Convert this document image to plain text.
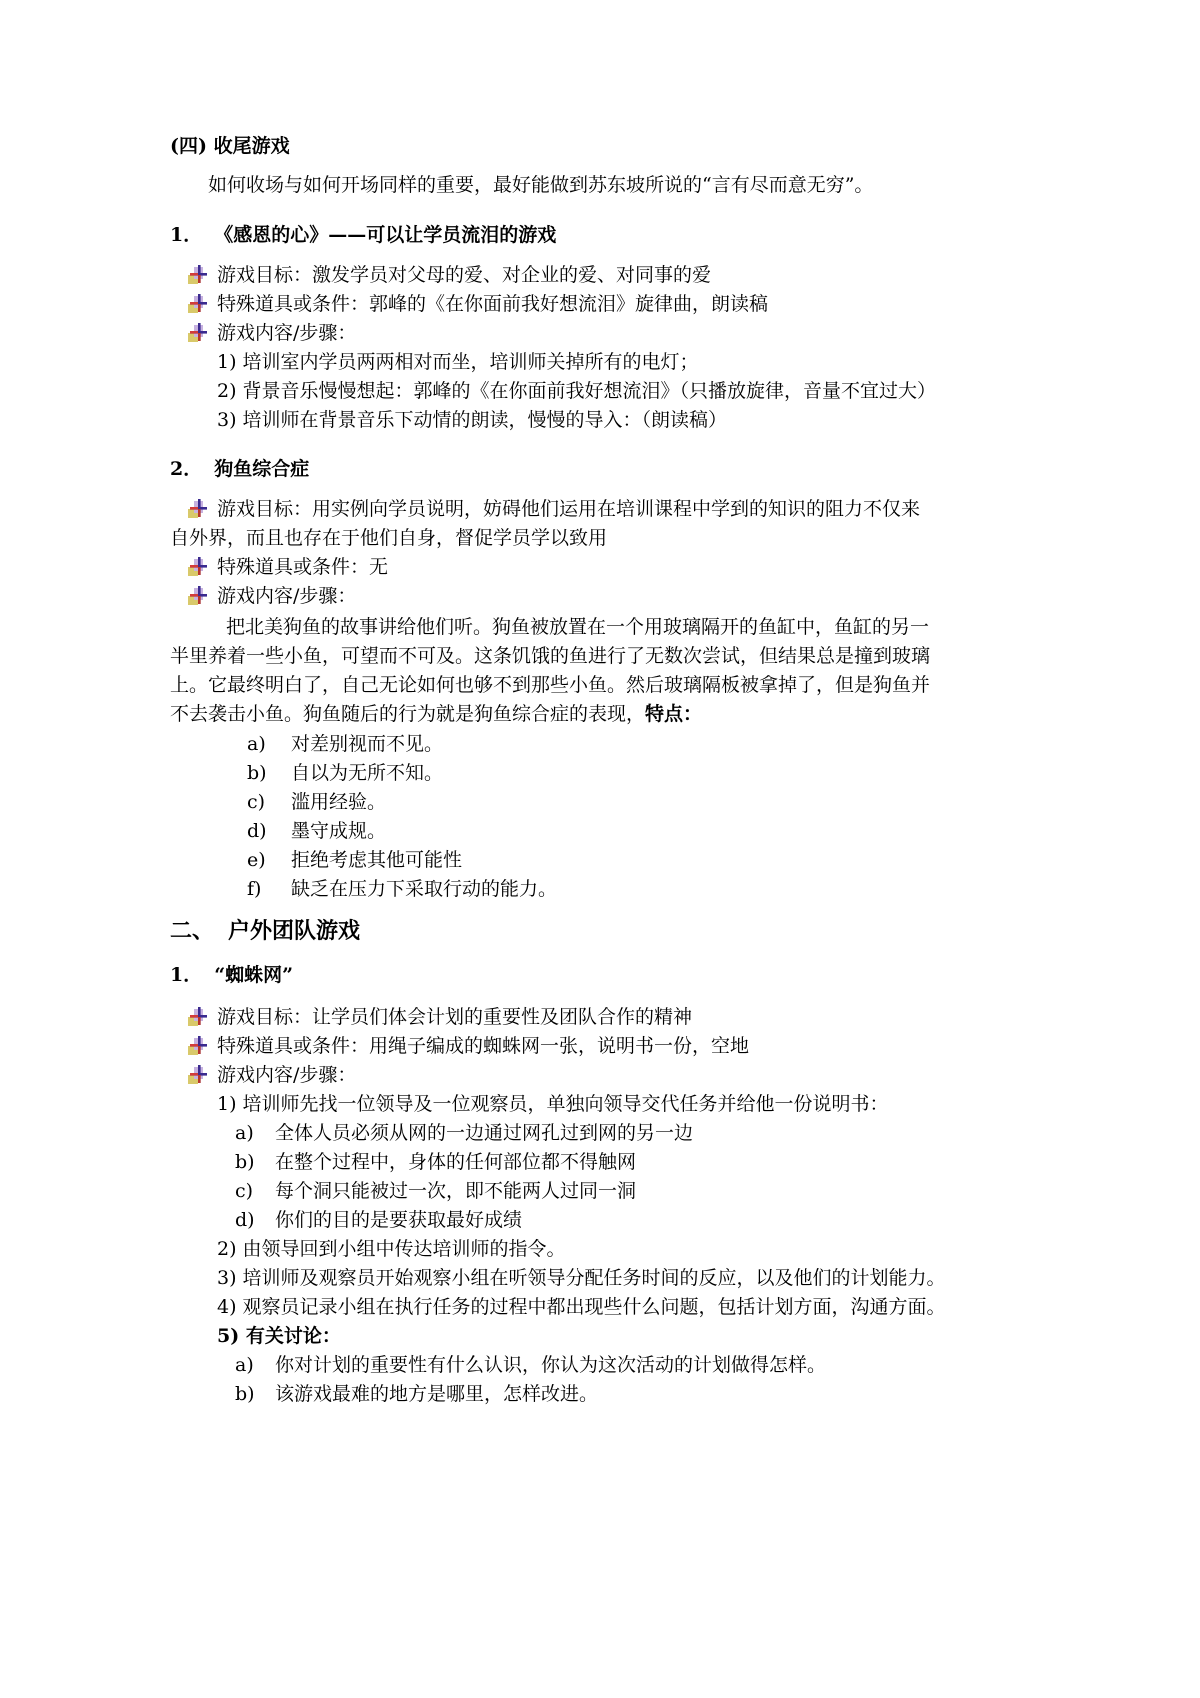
(四) 收尾游戏
如何收场与如何开场同样的重要，最好能做到苏东坡所说的“言有尽而意无穷”。
1． 《感恩的心》——可以让学员流泪的游戏
游戏目标：激发学员对父母的爱、对企业的爱、对同事的爱
特殊道具或条件：郭峰的《在你面前我好想流泪》旋律曲，朗读稿
游戏内容/步骤：
1) 培训室内学员两两相对而坐，培训师关掉所有的电灯；
2) 背景音乐慢慢想起：郭峰的《在你面前我好想流泪》（只播放旋律，音量不宜过大）
3) 培训师在背景音乐下动情的朗读，慢慢的导入：（朗读稿）
2． 狗鱼综合症
游戏目标：用实例向学员说明，妨碍他们运用在培训课程中学到的知识的阻力不仅来
自外界，而且也存在于他们自身，督促学员学以致用
特殊道具或条件：无
游戏内容/步骤：
把北美狗鱼的故事讲给他们听。狗鱼被放置在一个用玻璃隔开的鱼缸中，鱼缸的另一
半里养着一些小鱼，可望而不可及。这条饥饿的鱼进行了无数次尝试，但结果总是撞到玻璃
上。它最终明白了，自己无论如何也够不到那些小鱼。然后玻璃隔板被拿掉了，但是狗鱼并
不去袭击小鱼。狗鱼随后的行为就是狗鱼综合症的表现，特点：
a) 对差别视而不见。
b) 自以为无所不知。
c) 滥用经验。
d) 墨守成规。
e) 拒绝考虑其他可能性
f) 缺乏在压力下采取行动的能力。
二、 户外团队游戏
1． “蜘蛛网”
游戏目标：让学员们体会计划的重要性及团队合作的精神
特殊道具或条件：用绳子编成的蜘蛛网一张，说明书一份，空地
游戏内容/步骤：
1) 培训师先找一位领导及一位观察员，单独向领导交代任务并给他一份说明书：
a) 全体人员必须从网的一边通过网孔过到网的另一边
b) 在整个过程中，身体的任何部位都不得触网
c) 每个洞只能被过一次，即不能两人过同一洞
d) 你们的目的是要获取最好成绩
2) 由领导回到小组中传达培训师的指令。
3) 培训师及观察员开始观察小组在听领导分配任务时间的反应，以及他们的计划能力。
4) 观察员记录小组在执行任务的过程中都出现些什么问题，包括计划方面，沟通方面。
5) 有关讨论：
a) 你对计划的重要性有什么认识，你认为这次活动的计划做得怎样。
b) 该游戏最难的地方是哪里，怎样改进。
